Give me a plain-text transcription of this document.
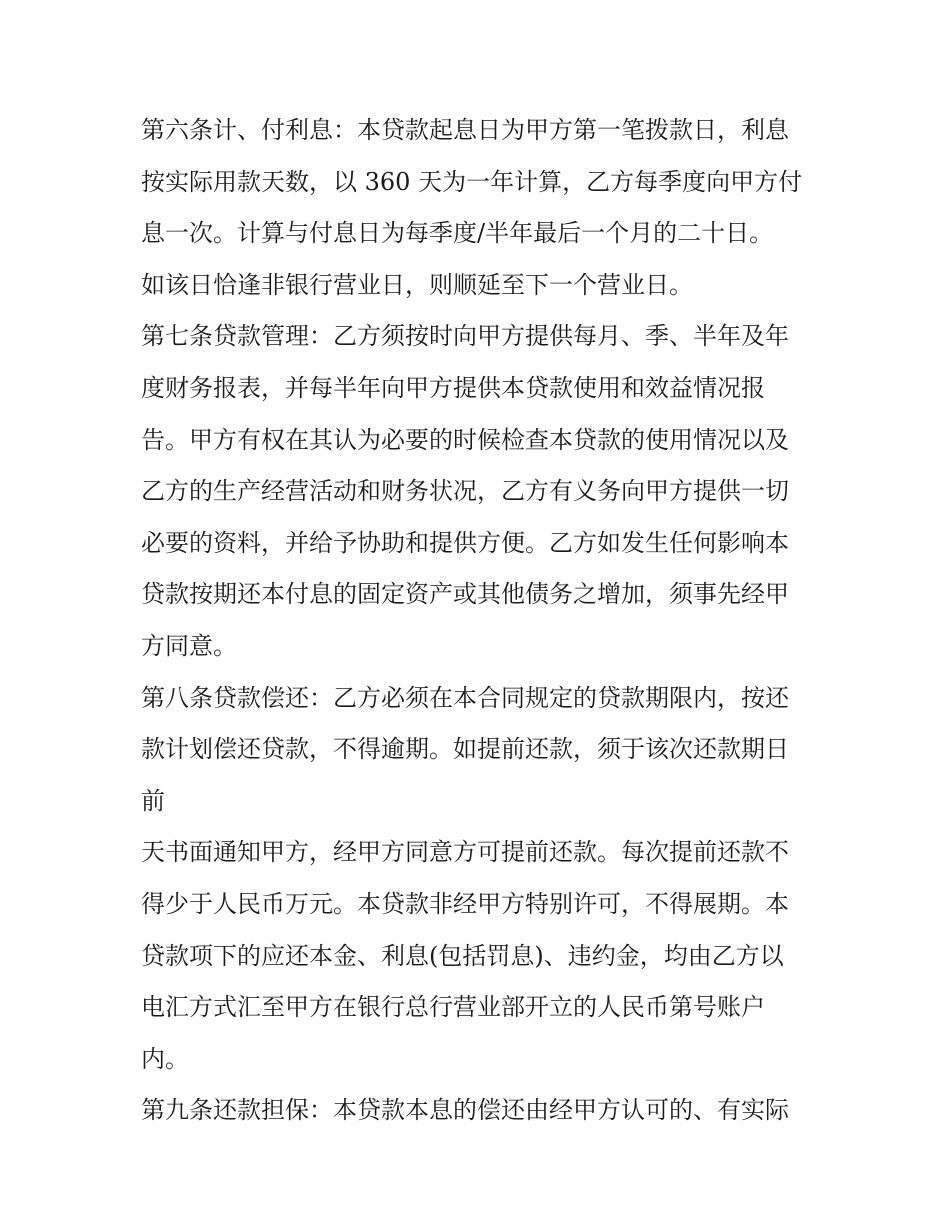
第六条计、付利息：本贷款起息日为甲方第一笔拨款日，利息
按实际用款天数，以 360 天为一年计算，乙方每季度向甲方付
息一次。计算与付息日为每季度/半年最后一个月的二十日。
如该日恰逢非银行营业日，则顺延至下一个营业日。
第七条贷款管理：乙方须按时向甲方提供每月、季、半年及年
度财务报表，并每半年向甲方提供本贷款使用和效益情况报
告。甲方有权在其认为必要的时候检查本贷款的使用情况以及
乙方的生产经营活动和财务状况，乙方有义务向甲方提供一切
必要的资料，并给予协助和提供方便。乙方如发生任何影响本
贷款按期还本付息的固定资产或其他债务之增加，须事先经甲
方同意。
第八条贷款偿还：乙方必须在本合同规定的贷款期限内，按还
款计划偿还贷款，不得逾期。如提前还款，须于该次还款期日
前
天书面通知甲方，经甲方同意方可提前还款。每次提前还款不
得少于人民币万元。本贷款非经甲方特别许可，不得展期。本
贷款项下的应还本金、利息(包括罚息)、违约金，均由乙方以
电汇方式汇至甲方在银行总行营业部开立的人民币第号账户
内。
第九条还款担保：本贷款本息的偿还由经甲方认可的、有实际
